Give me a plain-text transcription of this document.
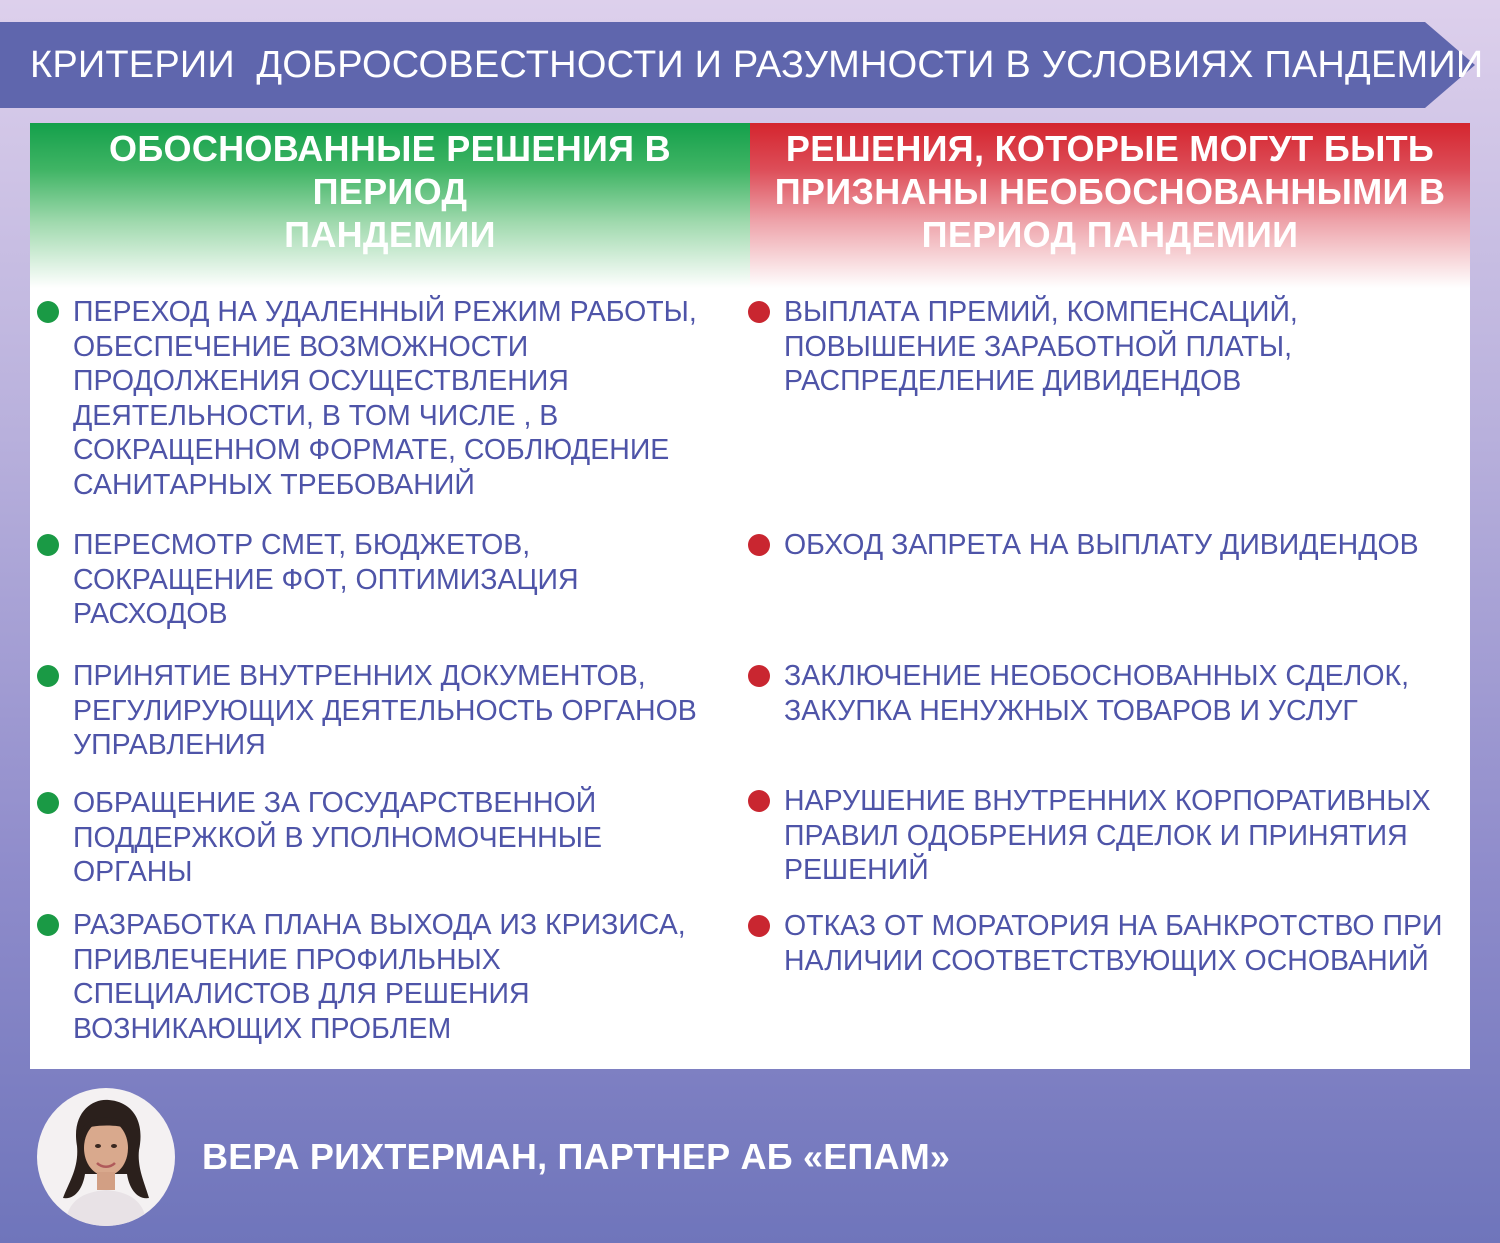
КРИТЕРИИ  ДОБРОСОВЕСТНОСТИ И РАЗУМНОСТИ В УСЛОВИЯХ ПАНДЕМИИ
ОБОСНОВАННЫЕ РЕШЕНИЯ В ПЕРИОД
ПАНДЕМИИ
РЕШЕНИЯ, КОТОРЫЕ МОГУТ БЫТЬ
ПРИЗНАНЫ НЕОБОСНОВАННЫМИ В
ПЕРИОД ПАНДЕМИИ
ПЕРЕХОД НА УДАЛЕННЫЙ РЕЖИМ РАБОТЫ,
ОБЕСПЕЧЕНИЕ ВОЗМОЖНОСТИ
ПРОДОЛЖЕНИЯ ОСУЩЕСТВЛЕНИЯ
ДЕЯТЕЛЬНОСТИ, В ТОМ ЧИСЛЕ , В
СОКРАЩЕННОМ ФОРМАТЕ, СОБЛЮДЕНИЕ
САНИТАРНЫХ ТРЕБОВАНИЙ
ПЕРЕСМОТР СМЕТ, БЮДЖЕТОВ,
СОКРАЩЕНИЕ ФОТ, ОПТИМИЗАЦИЯ
РАСХОДОВ
ПРИНЯТИЕ ВНУТРЕННИХ ДОКУМЕНТОВ,
РЕГУЛИРУЮЩИХ ДЕЯТЕЛЬНОСТЬ ОРГАНОВ
УПРАВЛЕНИЯ
ОБРАЩЕНИЕ ЗА ГОСУДАРСТВЕННОЙ
ПОДДЕРЖКОЙ В УПОЛНОМОЧЕННЫЕ
ОРГАНЫ
РАЗРАБОТКА ПЛАНА ВЫХОДА ИЗ КРИЗИСА,
ПРИВЛЕЧЕНИЕ ПРОФИЛЬНЫХ
СПЕЦИАЛИСТОВ ДЛЯ РЕШЕНИЯ
ВОЗНИКАЮЩИХ ПРОБЛЕМ
ВЫПЛАТА ПРЕМИЙ, КОМПЕНСАЦИЙ,
ПОВЫШЕНИЕ ЗАРАБОТНОЙ ПЛАТЫ,
РАСПРЕДЕЛЕНИЕ ДИВИДЕНДОВ
ОБХОД ЗАПРЕТА НА ВЫПЛАТУ ДИВИДЕНДОВ
ЗАКЛЮЧЕНИЕ НЕОБОСНОВАННЫХ СДЕЛОК,
ЗАКУПКА НЕНУЖНЫХ ТОВАРОВ И УСЛУГ
НАРУШЕНИЕ ВНУТРЕННИХ КОРПОРАТИВНЫХ
ПРАВИЛ ОДОБРЕНИЯ СДЕЛОК И ПРИНЯТИЯ
РЕШЕНИЙ
ОТКАЗ ОТ МОРАТОРИЯ НА БАНКРОТСТВО ПРИ
НАЛИЧИИ СООТВЕТСТВУЮЩИХ ОСНОВАНИЙ
ВЕРА РИХТЕРМАН, ПАРТНЕР АБ «ЕПАМ»
